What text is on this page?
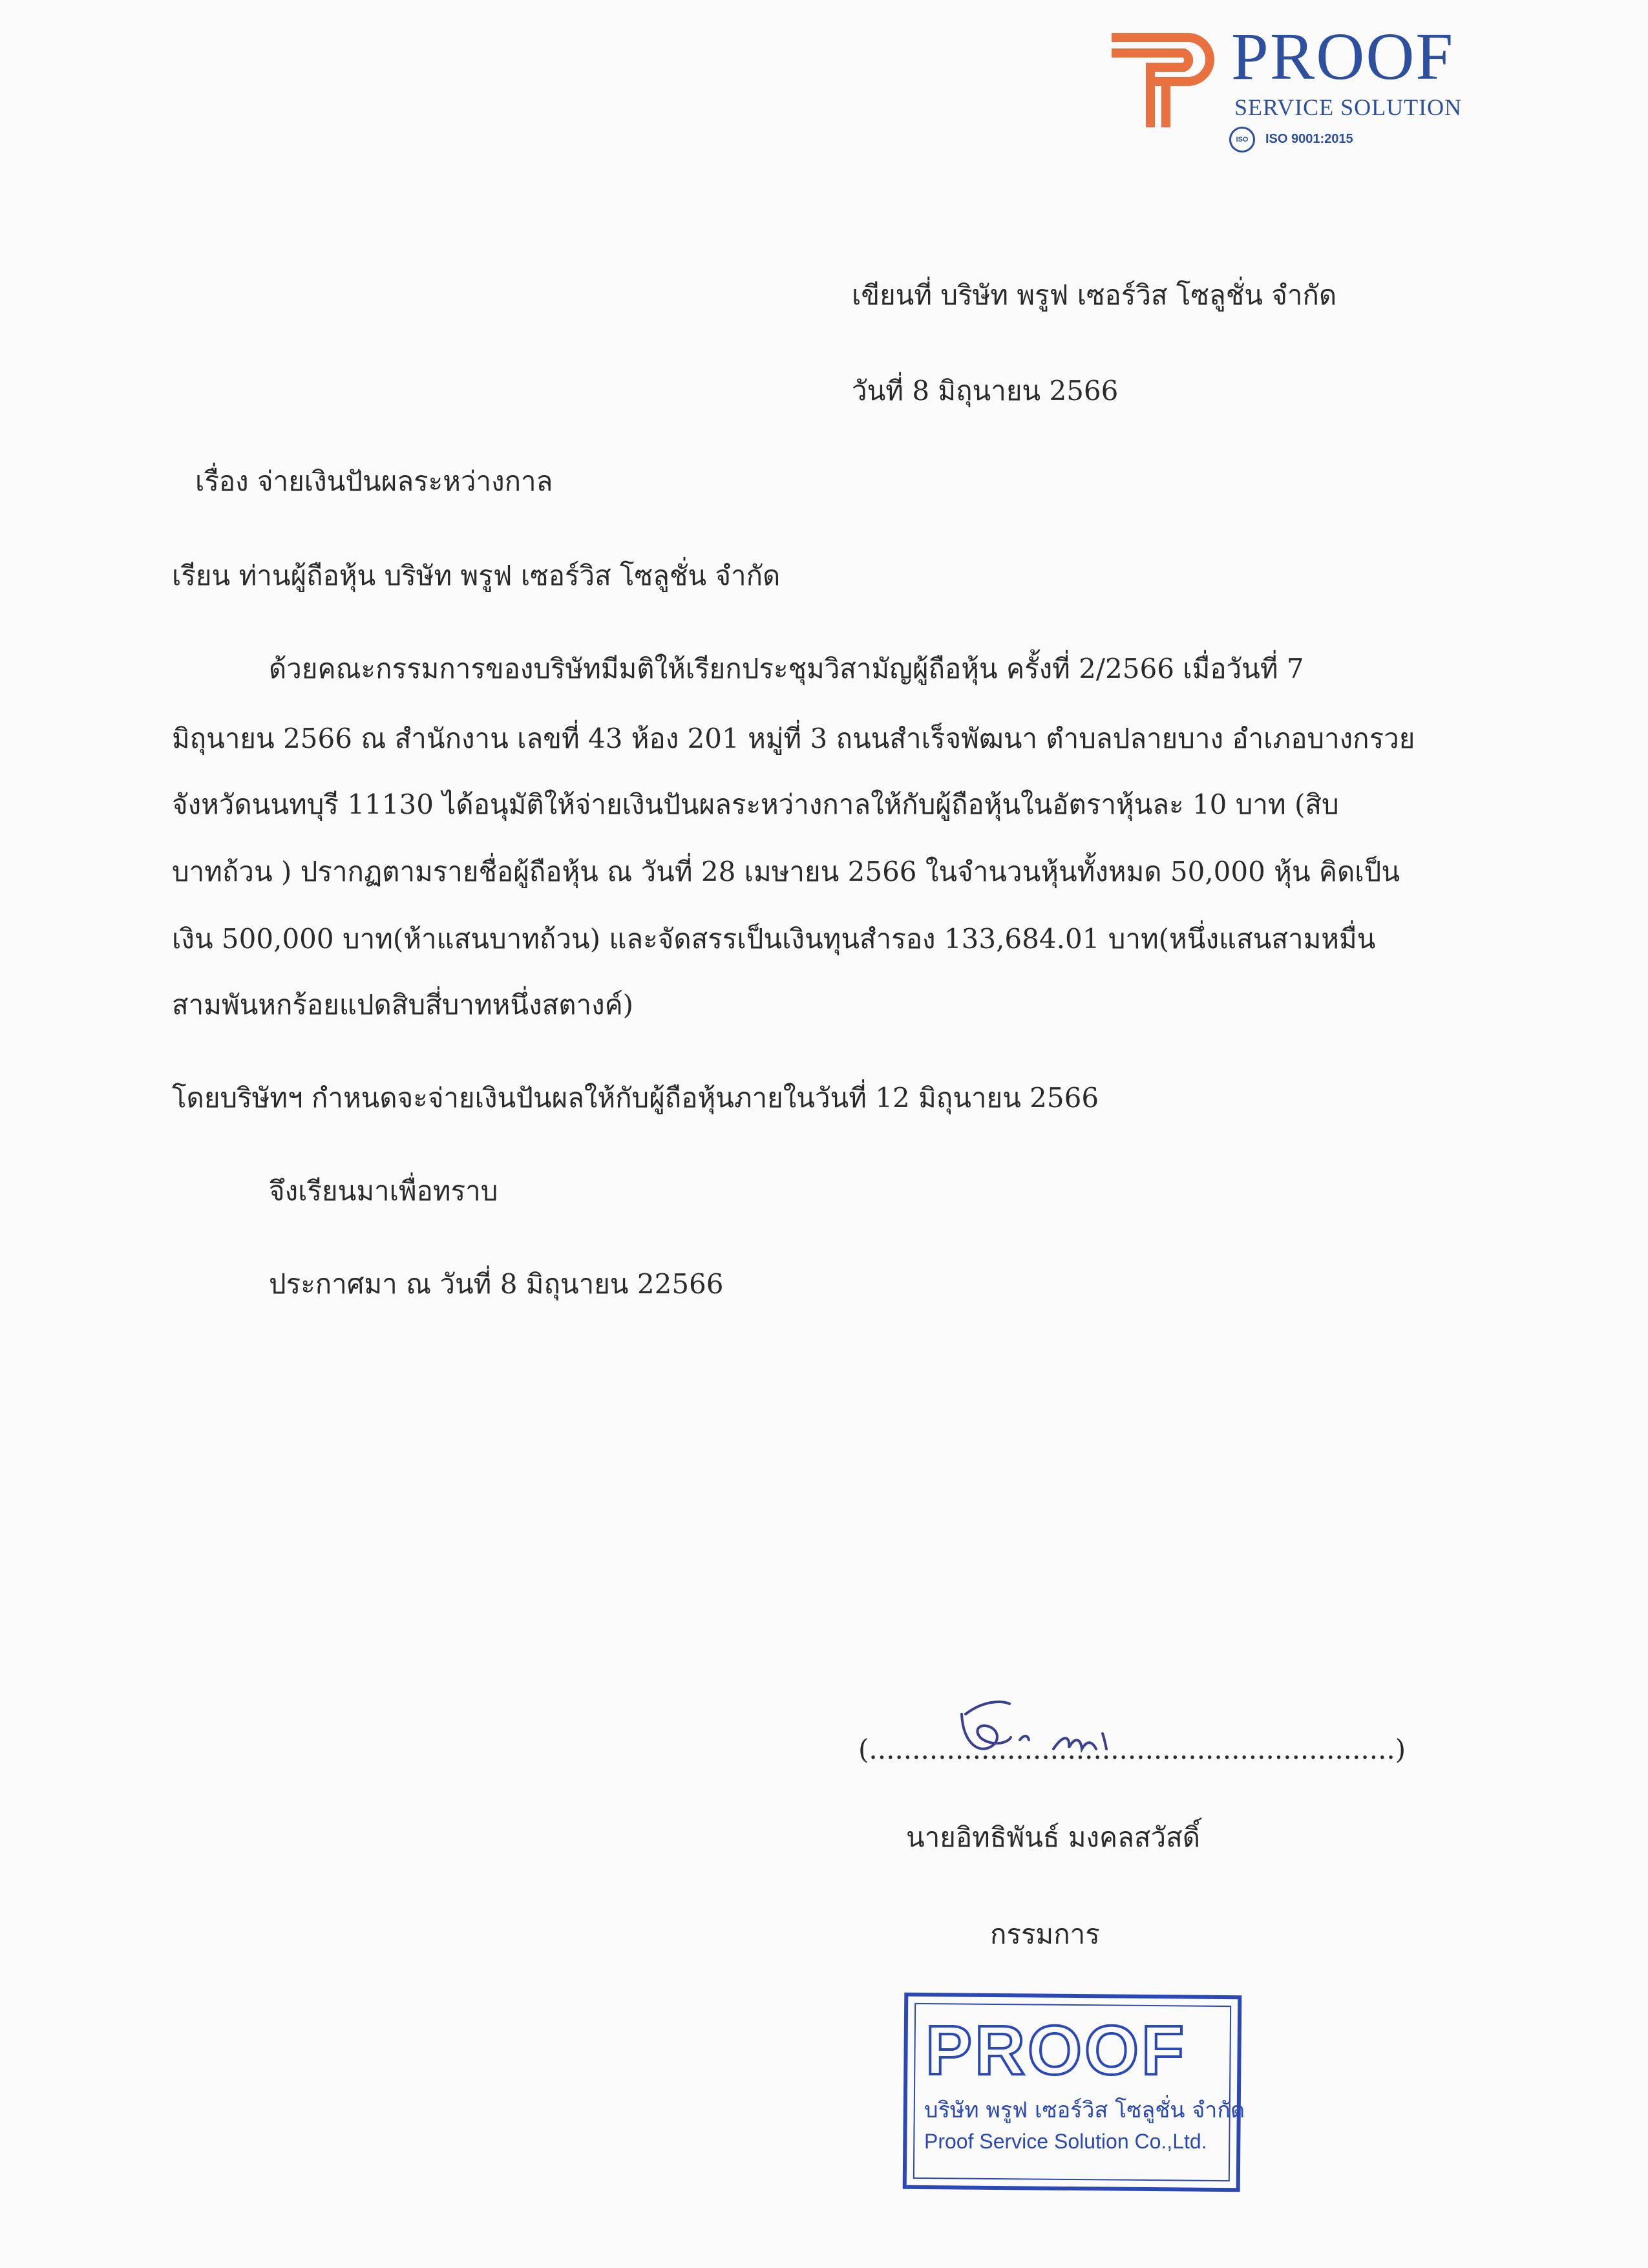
PROOF
SERVICE SOLUTION
ISO	ISO 9001:2015
เขียนที่ บริษัท พรูฟ เซอร์วิส โซลูชั่น จำกัด
วันที่ 8 มิถุนายน 2566
เรื่อง จ่ายเงินปันผลระหว่างกาล
เรียน ท่านผู้ถือหุ้น บริษัท พรูฟ เซอร์วิส โซลูชั่น จำกัด
ด้วยคณะกรรมการของบริษัทมีมติให้เรียกประชุมวิสามัญผู้ถือหุ้น ครั้งที่ 2/2566 เมื่อวันที่ 7
มิถุนายน 2566 ณ สำนักงาน เลขที่ 43 ห้อง 201 หมู่ที่ 3 ถนนสำเร็จพัฒนา ตำบลปลายบาง อำเภอบางกรวย
จังหวัดนนทบุรี 11130 ได้อนุมัติให้จ่ายเงินปันผลระหว่างกาลให้กับผู้ถือหุ้นในอัตราหุ้นละ 10 บาท (สิบ
บาทถ้วน ) ปรากฏตามรายชื่อผู้ถือหุ้น ณ วันที่ 28 เมษายน 2566 ในจำนวนหุ้นทั้งหมด 50,000 หุ้น คิดเป็น
เงิน 500,000 บาท(ห้าแสนบาทถ้วน) และจัดสรรเป็นเงินทุนสำรอง 133,684.01 บาท(หนึ่งแสนสามหมื่น
สามพันหกร้อยแปดสิบสี่บาทหนึ่งสตางค์)
โดยบริษัทฯ กำหนดจะจ่ายเงินปันผลให้กับผู้ถือหุ้นภายในวันที่ 12 มิถุนายน 2566
จึงเรียนมาเพื่อทราบ
ประกาศมา ณ วันที่ 8 มิถุนายน 22566
(.............................................................)
นายอิทธิพันธ์ มงคลสวัสดิ์
กรรมการ
PROOF
บริษัท พรูฟ เซอร์วิส โซลูชั่น จำกัด
Proof Service Solution Co.,Ltd.
